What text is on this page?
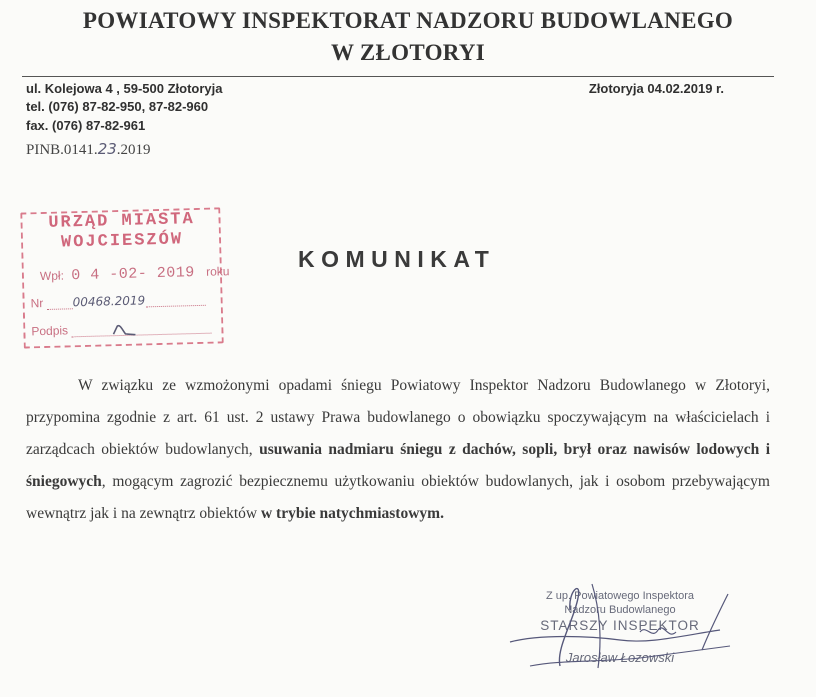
POWIATOWY INSPEKTORAT NADZORU BUDOWLANEGO
W ZŁOTORYI
ul. Kolejowa 4 , 59-500 Złotoryja
tel. (076) 87-82-950, 87-82-960
fax. (076) 87-82-961
PINB.0141.23.2019
Złotoryja 04.02.2019 r.
URZĄD MIASTA
WOJCIESZÓW
Wpł: 0 4 -02- 2019 roku
Nr 00468.2019
Podpis
KOMUNIKAT
W związku ze wzmożonymi opadami śniegu Powiatowy Inspektor Nadzoru Budowlanego w Złotoryi, przypomina zgodnie z art. 61 ust. 2 ustawy Prawa budowlanego o obowiązku spoczywającym na właścicielach i zarządcach obiektów budowlanych, usuwania nadmiaru śniegu z dachów, sopli, brył oraz nawisów lodowych i śniegowych, mogącym zagrozić bezpiecznemu użytkowaniu obiektów budowlanych, jak i osobom przebywającym wewnątrz jak i na zewnątrz obiektów w trybie natychmiastowym.
Z up. Powiatowego Inspektora
Nadzoru Budowlanego
STARSZY INSPEKTOR
Jarosław Łozowski
